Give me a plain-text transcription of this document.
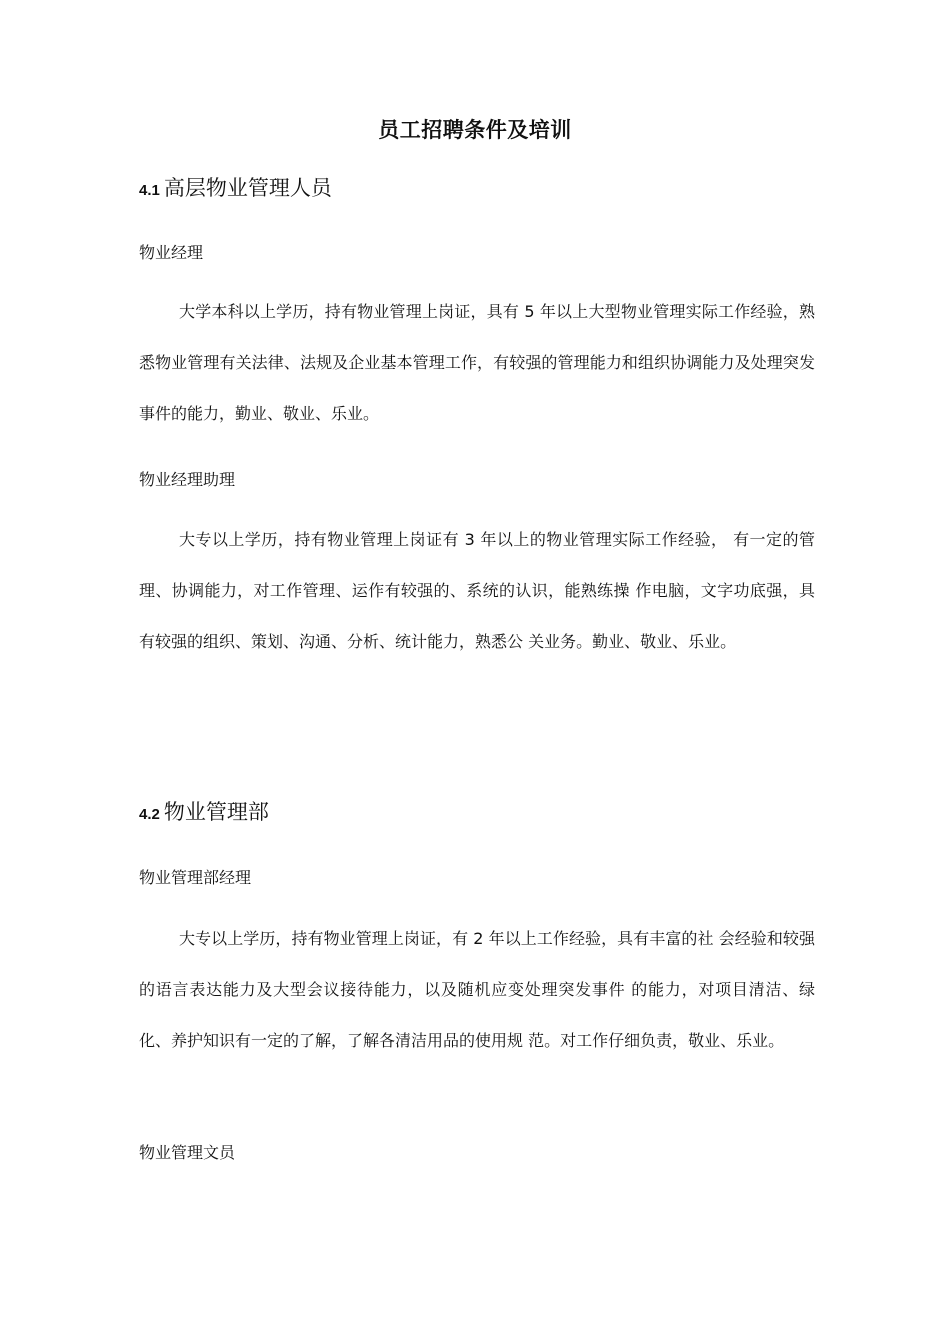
员工招聘条件及培训
4.1 高层物业管理人员
物业经理

大学本科以上学历，持有物业管理上岗证，具有 5 年以上大型物业管理实际工作经验，熟悉物业管理有关法律、法规及企业基本管理工作，有较强的管理能力和组织协调能力及处理突发事件的能力，勤业、敬业、乐业。

物业经理助理

大专以上学历，持有物业管理上岗证有 3 年以上的物业管理实际工作经验， 有一定的管理、协调能力，对工作管理、运作有较强的、系统的认识，能熟练操 作电脑，文字功底强，具有较强的组织、策划、沟通、分析、统计能力，熟悉公 关业务。勤业、敬业、乐业。

4.2 物业管理部
物业管理部经理

大专以上学历，持有物业管理上岗证，有 2 年以上工作经验，具有丰富的社 会经验和较强的语言表达能力及大型会议接待能力，以及随机应变处理突发事件 的能力，对项目清洁、绿化、养护知识有一定的了解，了解各清洁用品的使用规 范。对工作仔细负责，敬业、乐业。

物业管理文员
